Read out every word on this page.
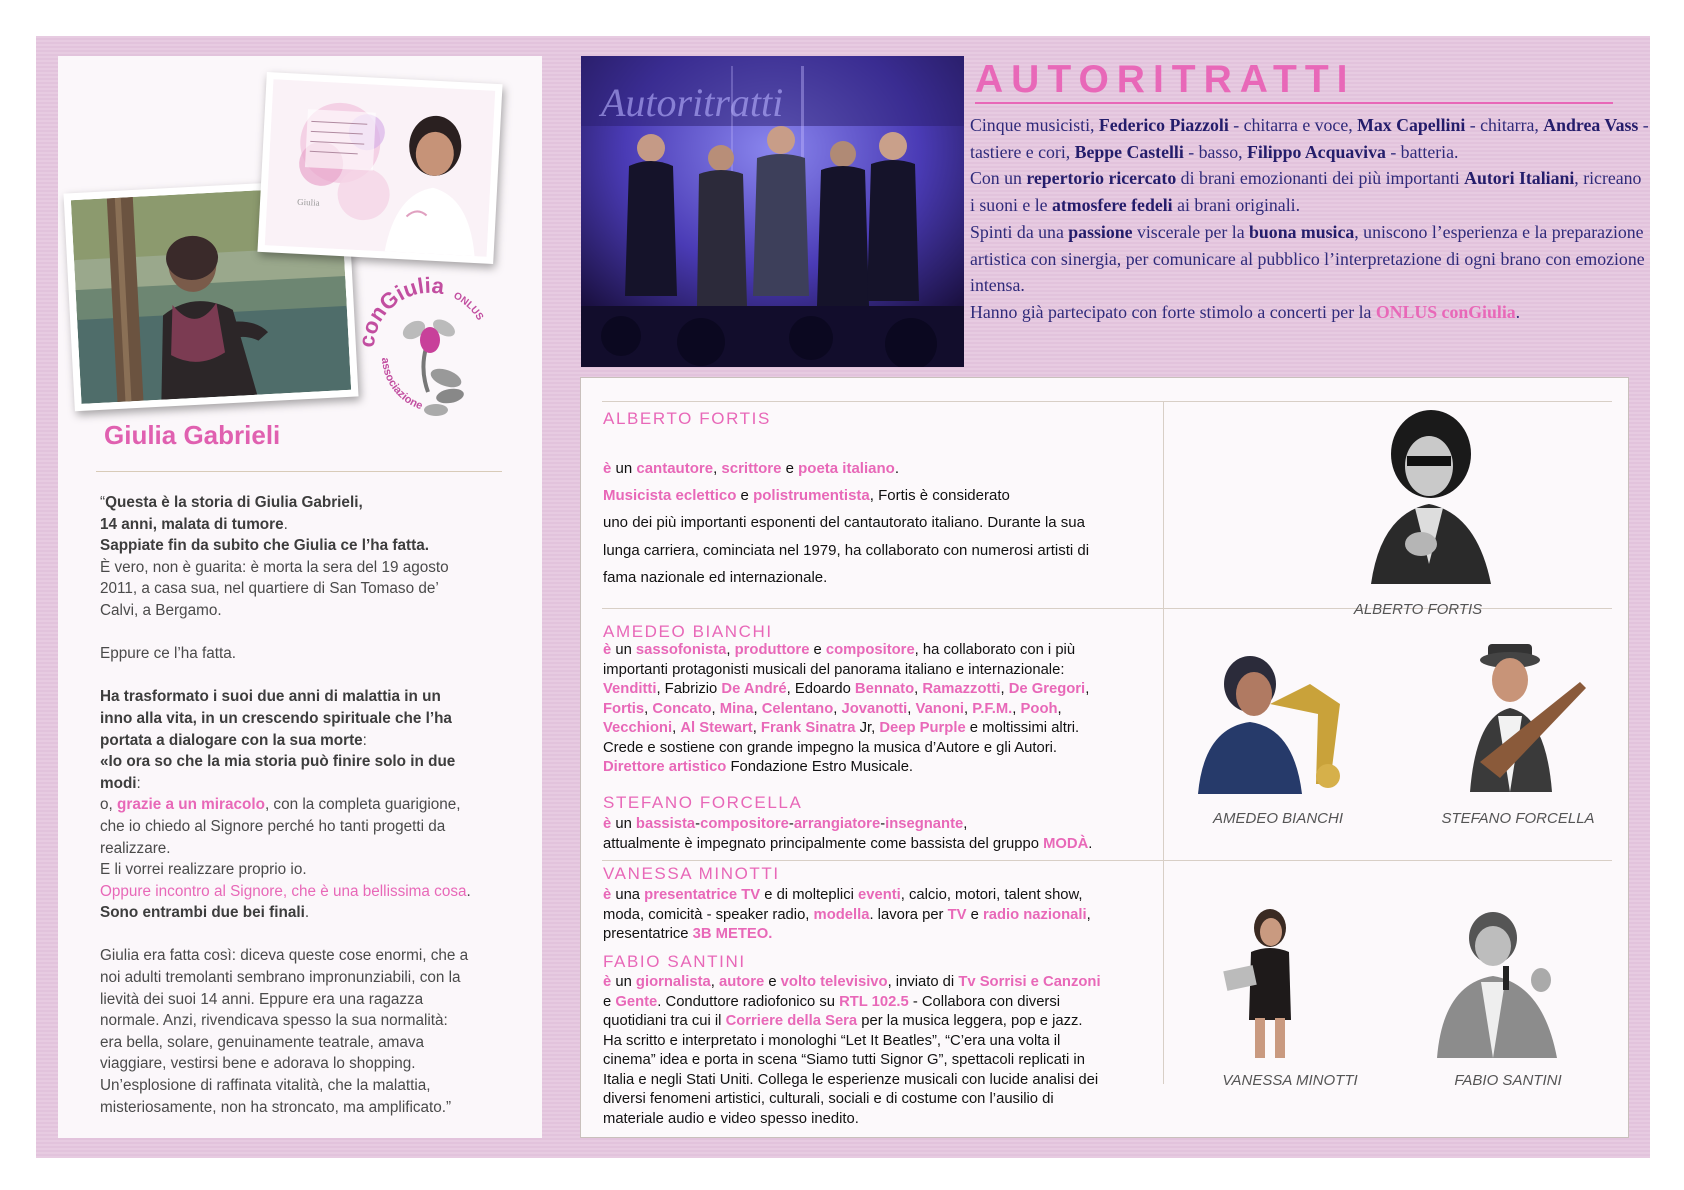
Giulia
conGiulia ONLUS
associazione
Giulia Gabrieli

“Questa è la storia di Giulia Gabrieli,

14 anni, malata di tumore.

Sappiate fin da subito che Giulia ce l’ha fatta.

È vero, non è guarita: è morta la sera del 19 agosto

2011, a casa sua, nel quartiere di San Tomaso de’

Calvi, a Bergamo.

Eppure ce l’ha fatta.

Ha trasformato i suoi due anni di malattia in un

inno alla vita, in un crescendo spirituale che l’ha

portata a dialogare con la sua morte:

«Io ora so che la mia storia può finire solo in due

modi:

o, grazie a un miracolo, con la completa guarigione,

che io chiedo al Signore perché ho tanti progetti da

realizzare.

E li vorrei realizzare proprio io.

Oppure incontro al Signore, che è una bellissima cosa.

Sono entrambi due bei finali.

Giulia era fatta così: diceva queste cose enormi, che a

noi adulti tremolanti sembrano impronunziabili, con la

lievità dei suoi 14 anni. Eppure era una ragazza

normale. Anzi, rivendicava spesso la sua normalità:

era bella, solare, genuinamente teatrale, amava

viaggiare, vestirsi bene e adorava lo shopping.

Un’esplosione di raffinata vitalità, che la malattia,

misteriosamente, non ha stroncato, ma amplificato.”

Autoritratti
AUTORITRATTI

Cinque musicisti, Federico Piazzoli - chitarra e voce, Max Capellini - chitarra, Andrea Vass - tastiere e cori, Beppe Castelli - basso, Filippo Acquaviva - batteria.

Con un repertorio ricercato di brani emozionanti dei più importanti Autori Italiani, ricreano i suoni e le atmosfere fedeli ai brani originali.

Spinti da una passione viscerale per la buona musica, uniscono l’esperienza e la preparazione artistica con sinergia, per comunicare al pubblico l’interpretazione di ogni brano con emozione intensa.

Hanno già partecipato con forte stimolo a concerti per la ONLUS conGiulia.

ALBERTO FORTIS

è un cantautore, scrittore e poeta italiano.

Musicista eclettico e polistrumentista, Fortis è considerato

uno dei più importanti esponenti del cantautorato italiano. Durante la sua

lunga carriera, cominciata nel 1979, ha collaborato con numerosi artisti di

fama nazionale ed internazionale.

ALBERTO FORTIS
AMEDEO BIANCHI

è un sassofonista, produttore e compositore, ha collaborato con i più

importanti protagonisti musicali del panorama italiano e internazionale:

Venditti, Fabrizio De André, Edoardo Bennato, Ramazzotti, De Gregori,

Fortis, Concato, Mina, Celentano, Jovanotti, Vanoni, P.F.M., Pooh,

Vecchioni, Al Stewart, Frank Sinatra Jr, Deep Purple e moltissimi altri.

Crede e sostiene con grande impegno la musica d’Autore e gli Autori.

Direttore artistico Fondazione Estro Musicale.

AMEDEO BIANCHI
STEFANO FORCELLA

è un bassista-compositore-arrangiatore-insegnante,

attualmente è impegnato principalmente come bassista del gruppo MODÀ.

STEFANO FORCELLA
VANESSA MINOTTI

è una presentatrice TV e di molteplici eventi, calcio, motori, talent show,

moda, comicità - speaker radio, modella. lavora per TV e radio nazionali,

presentatrice 3B METEO.

VANESSA MINOTTI
FABIO SANTINI

è un giornalista, autore e volto televisivo, inviato di Tv Sorrisi e Canzoni

e Gente. Conduttore radiofonico su RTL 102.5 - Collabora con diversi

quotidiani tra cui il Corriere della Sera per la musica leggera, pop e jazz.

Ha scritto e interpretato i monologhi “Let It Beatles”, “C’era una volta il

cinema” idea e porta in scena “Siamo tutti Signor G”, spettacoli replicati in

Italia e negli Stati Uniti. Collega le esperienze musicali con lucide analisi dei

diversi fenomeni artistici, culturali, sociali e di costume con l’ausilio di

materiale audio e video spesso inedito.

FABIO SANTINI
